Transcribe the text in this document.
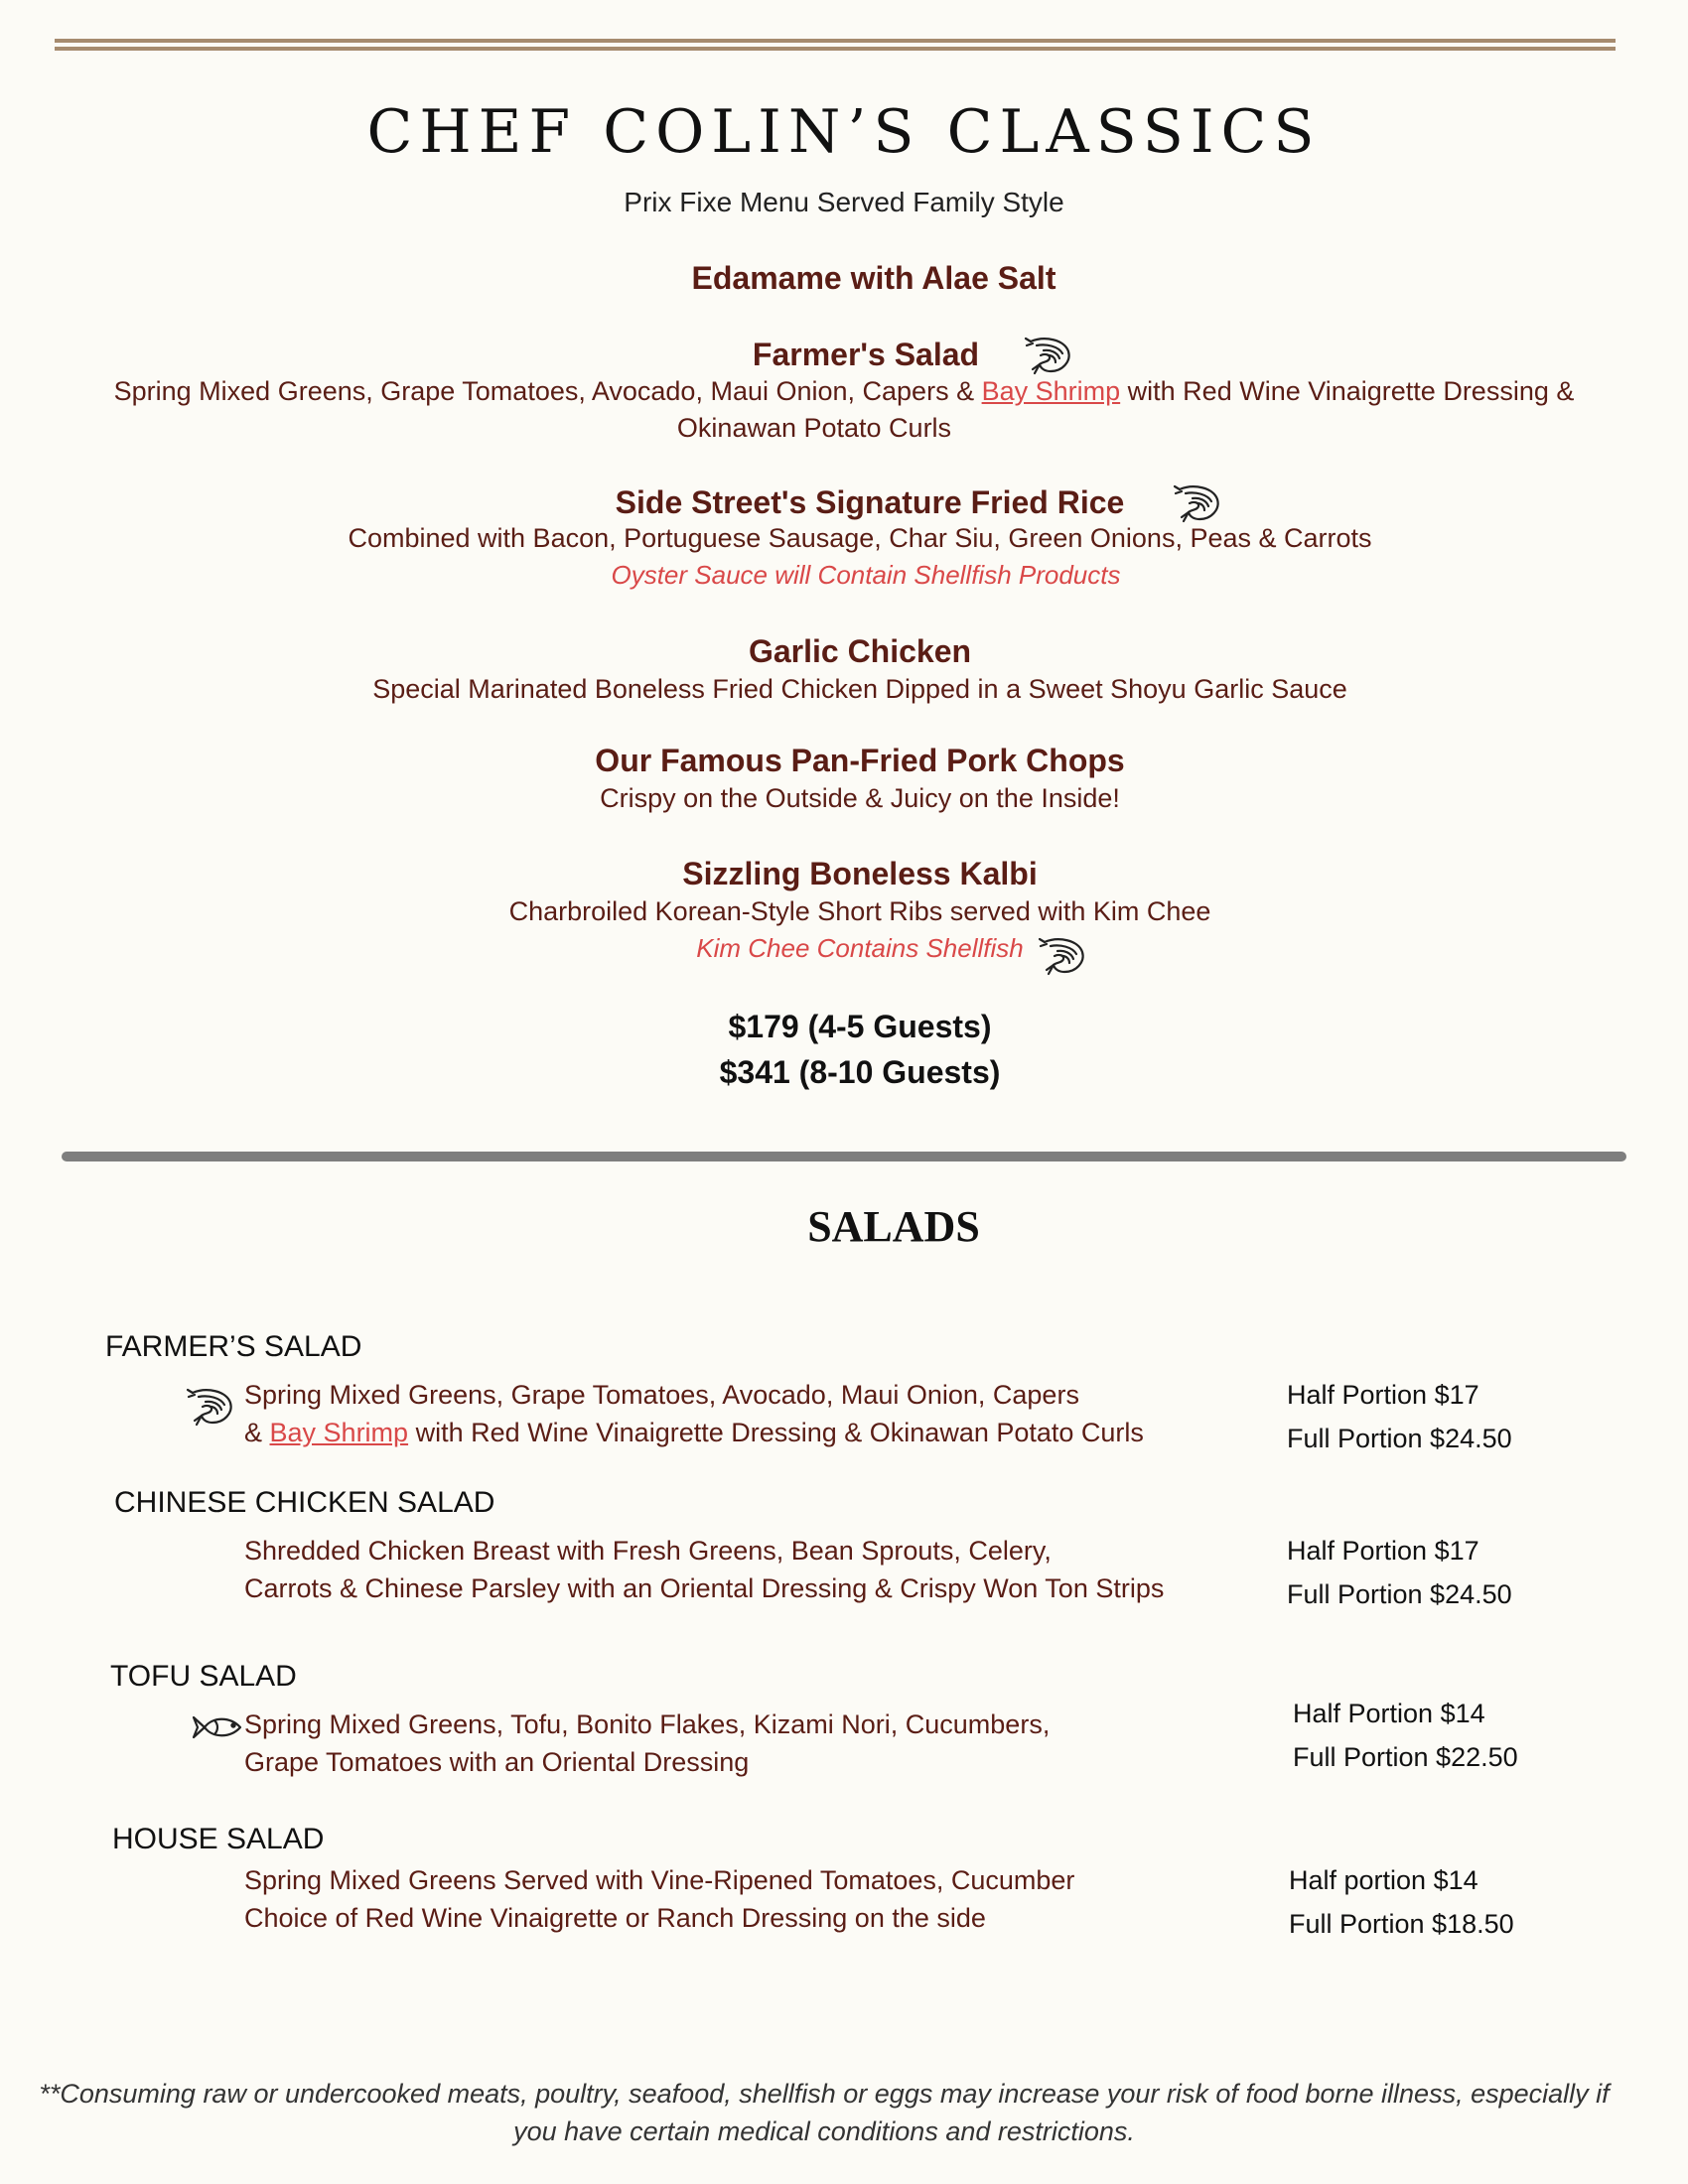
CHEF COLIN’S CLASSICS
Prix Fixe Menu Served Family Style
Edamame with Alae Salt
Farmer's Salad
Spring Mixed Greens, Grape Tomatoes, Avocado, Maui Onion, Capers & Bay Shrimp with Red Wine Vinaigrette Dressing &
Okinawan Potato Curls
Side Street's Signature Fried Rice
Combined with Bacon, Portuguese Sausage, Char Siu, Green Onions, Peas & Carrots
Oyster Sauce will Contain Shellfish Products
Garlic Chicken
Special Marinated Boneless Fried Chicken Dipped in a Sweet Shoyu Garlic Sauce
Our Famous Pan-Fried Pork Chops
Crispy on the Outside & Juicy on the Inside!
Sizzling Boneless Kalbi
Charbroiled Korean-Style Short Ribs served with Kim Chee
Kim Chee Contains Shellfish
$179 (4-5 Guests)
$341 (8-10 Guests)
SALADS
FARMER’S SALAD
Spring Mixed Greens, Grape Tomatoes, Avocado, Maui Onion, Capers
& Bay Shrimp with Red Wine Vinaigrette Dressing & Okinawan Potato Curls
Half Portion $17
Full Portion $24.50
CHINESE CHICKEN SALAD
Shredded Chicken Breast with Fresh Greens, Bean Sprouts, Celery,
Carrots & Chinese Parsley with an Oriental Dressing & Crispy Won Ton Strips
Half Portion $17
Full Portion $24.50
TOFU SALAD
Spring Mixed Greens, Tofu, Bonito Flakes, Kizami Nori, Cucumbers,
Grape Tomatoes with an Oriental Dressing
Half Portion $14
Full Portion $22.50
HOUSE SALAD
Spring Mixed Greens Served with Vine-Ripened Tomatoes, Cucumber
Choice of Red Wine Vinaigrette or Ranch Dressing on the side
Half portion $14
Full Portion $18.50
**Consuming raw or undercooked meats, poultry, seafood, shellfish or eggs may increase your risk of food borne illness, especially if
you have certain medical conditions and restrictions.
